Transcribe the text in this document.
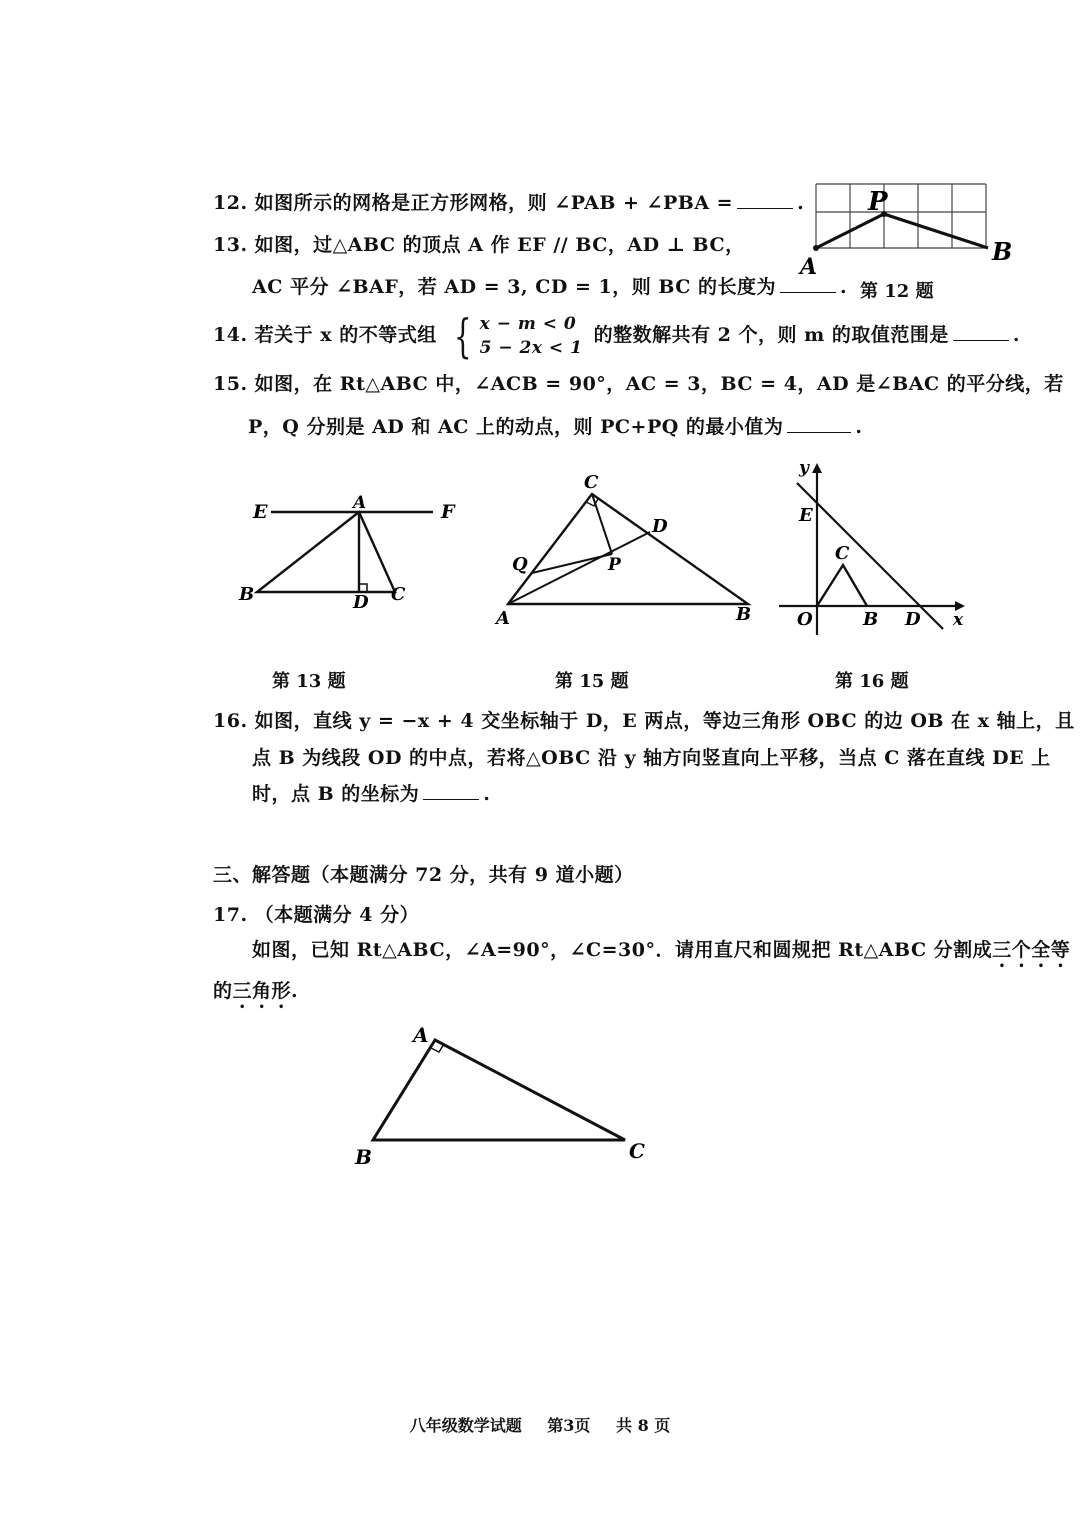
12. 如图所示的网格是正方形网格，则 ∠PAB + ∠PBA =	. P
A
B
第 12 题
13. 如图，过△ABC 的顶点 A 作 EF // BC，AD ⊥ BC，
AC 平分 ∠BAF，若 AD = 3, CD = 1，则 BC 的长度为	.
14. 若关于 x 的不等式组 { x − m < 0
5 − 2x < 1
的整数解共有 2 个，则 m 的取值范围是	.
15. 如图，在 Rt△ABC 中，∠ACB = 90°，AC = 3，BC = 4，AD 是∠BAC 的平分线，若
P，Q 分别是 AD 和 AC 上的动点，则 PC+PQ 的最小值为	.
E	A	F
B	D C
第 13 题
C
D
Q	P
A	B
第 15 题
y
x
E
C
O	B D
第 16 题
16. 如图，直线 y = −x + 4 交坐标轴于 D，E 两点，等边三角形 OBC 的边 OB 在 x 轴上，且
点 B 为线段 OD 的中点，若将△OBC 沿 y 轴方向竖直向上平移，当点 C 落在直线 DE 上
时，点 B 的坐标为	.
三、解答题（本题满分 72 分，共有 9 道小题）
17. （本题满分 4 分）
如图，已知 Rt△ABC，∠A=90°，∠C=30°．请用直尺和圆规把 Rt△ABC 分割成三个全等
的三角形.
A
B	C
八年级数学试题 第3页 共 8 页
